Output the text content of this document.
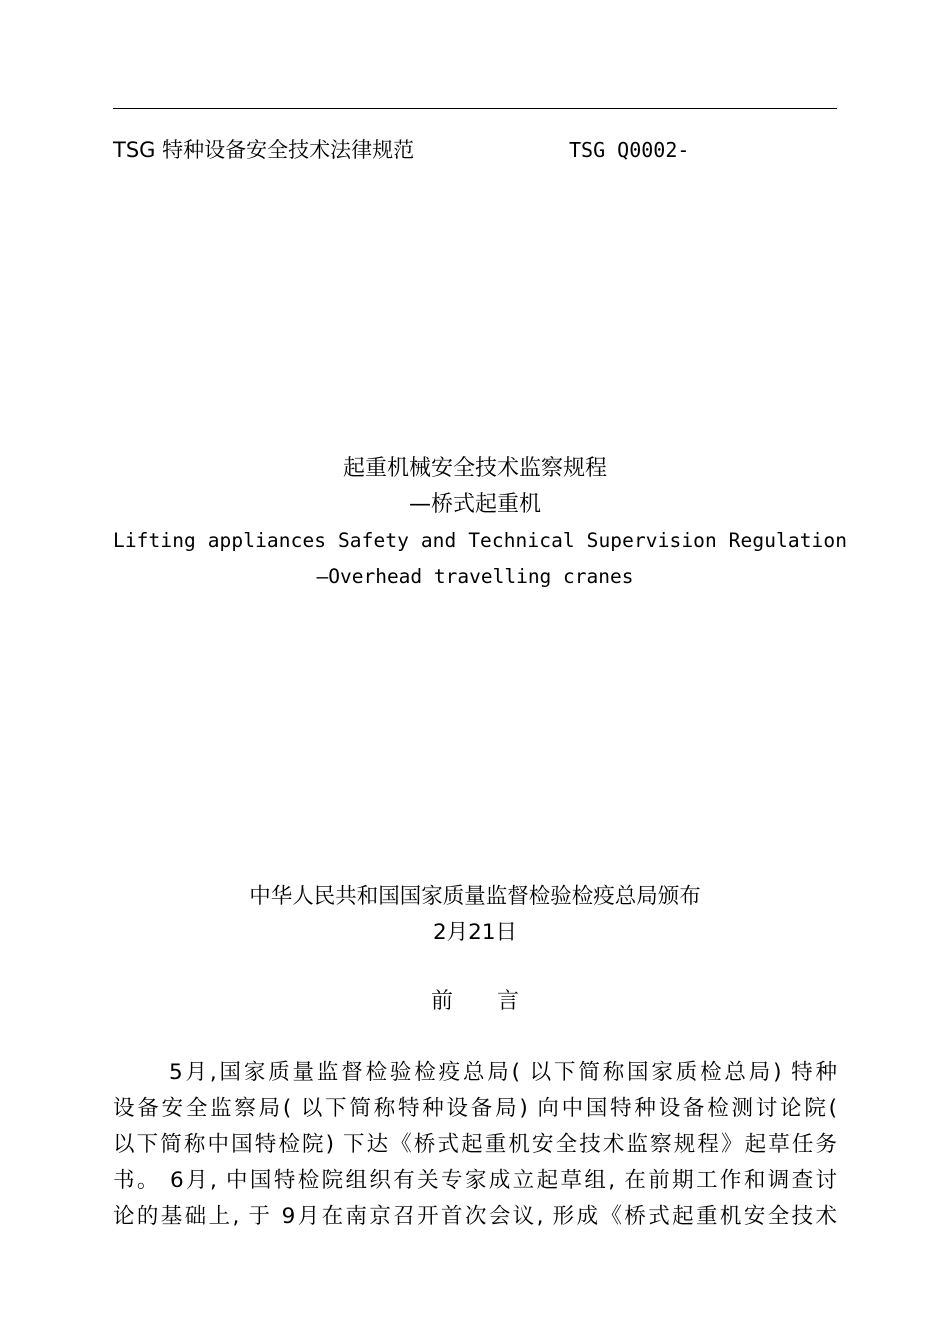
TSG 特种设备安全技术法律规范	TSG Q0002-
起重机械安全技术监察规程
—桥式起重机
Lifting appliances Safety and Technical Supervision Regulation
—Overhead travelling cranes
中华人民共和国国家质量监督检验检疫总局颁布
2月21日
前 言
5月,国家质量监督检验检疫总局( 以下简称国家质检总局) 特种
设备安全监察局( 以下简称特种设备局) 向中国特种设备检测讨论院(
以下简称中国特检院) 下达《桥式起重机安全技术监察规程》起草任务
书。 6月, 中国特检院组织有关专家成立起草组, 在前期工作和调查讨
论的基础上, 于 9月在南京召开首次会议, 形成《桥式起重机安全技术
